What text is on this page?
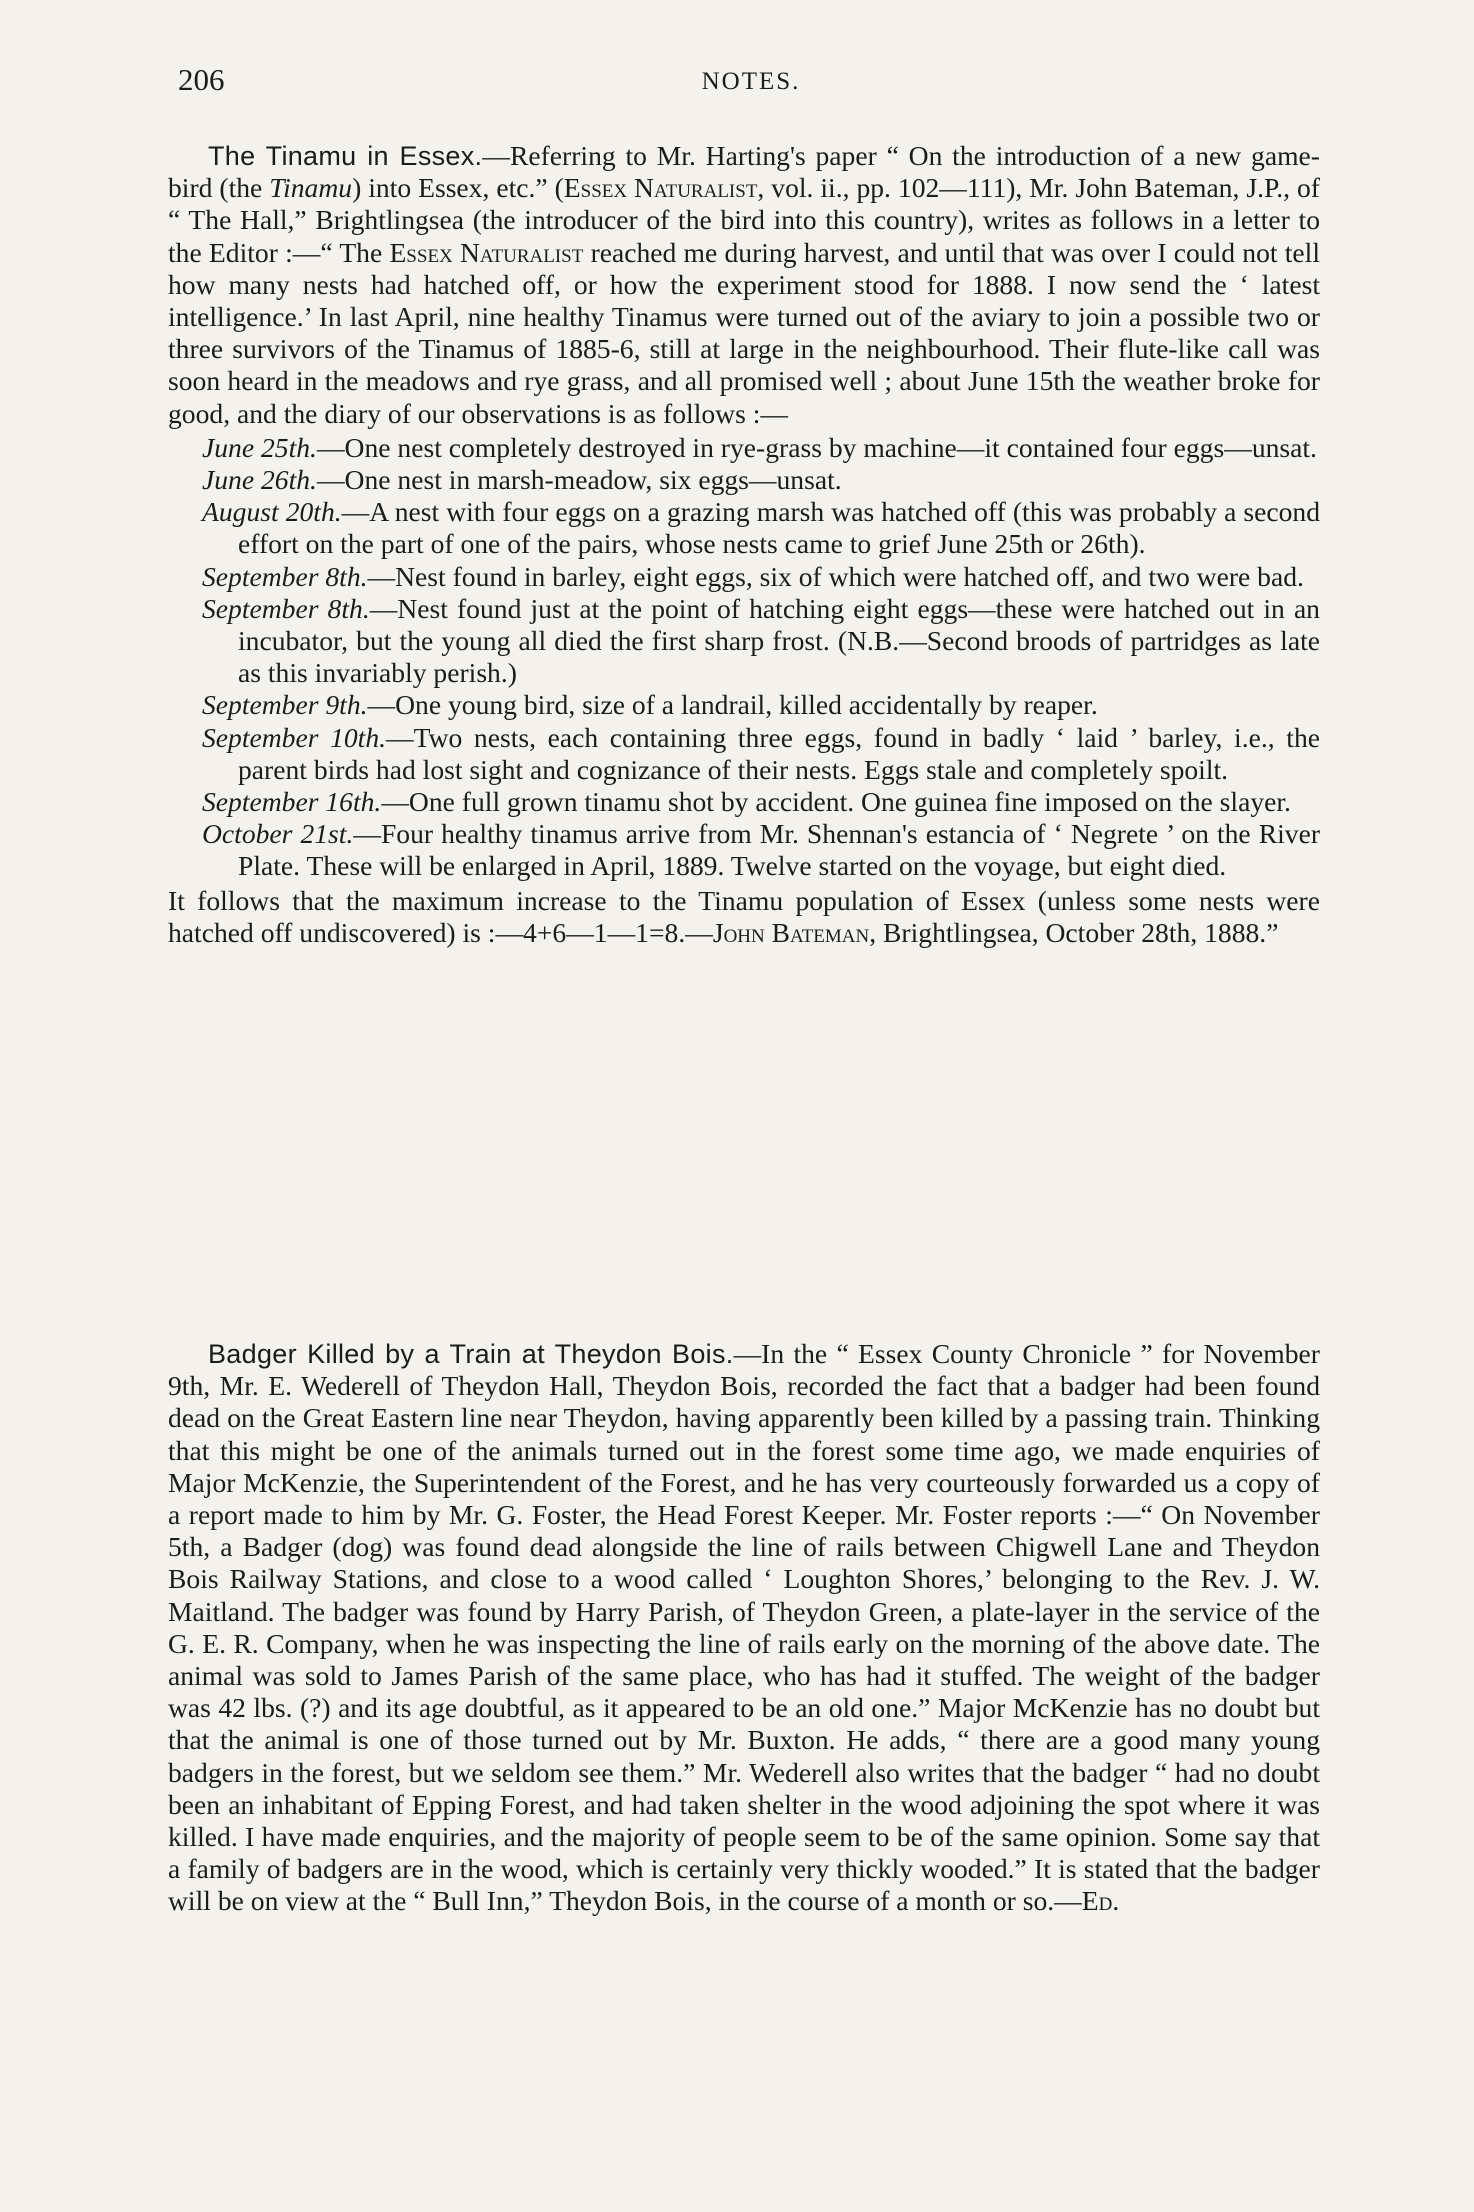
206	NOTES.

The Tinamu in Essex.—Referring to Mr. Harting's paper “ On the introduction of a new game-bird (the Tinamu) into Essex, etc.” (Essex Naturalist, vol. ii., pp. 102—111), Mr. John Bateman, J.P., of “ The Hall,” Brightlingsea (the introducer of the bird into this country), writes as follows in a letter to the Editor :—“ The Essex Naturalist reached me during harvest, and until that was over I could not tell how many nests had hatched off, or how the experiment stood for 1888. I now send the ‘ latest intelligence.’ In last April, nine healthy Tinamus were turned out of the aviary to join a possible two or three survivors of the Tinamus of 1885-6, still at large in the neighbourhood. Their flute-like call was soon heard in the meadows and rye grass, and all promised well ; about June 15th the weather broke for good, and the diary of our observations is as follows :—

June 25th.—One nest completely destroyed in rye-grass by machine—it contained four eggs—unsat.
June 26th.—One nest in marsh-meadow, six eggs—unsat.
August 20th.—A nest with four eggs on a grazing marsh was hatched off (this was probably a second effort on the part of one of the pairs, whose nests came to grief June 25th or 26th).
September 8th.—Nest found in barley, eight eggs, six of which were hatched off, and two were bad.
September 8th.—Nest found just at the point of hatching eight eggs—these were hatched out in an incubator, but the young all died the first sharp frost. (N.B.—Second broods of partridges as late as this invariably perish.)
September 9th.—One young bird, size of a landrail, killed accidentally by reaper.
September 10th.—Two nests, each containing three eggs, found in badly ‘ laid ’ barley, i.e., the parent birds had lost sight and cognizance of their nests. Eggs stale and completely spoilt.
September 16th.—One full grown tinamu shot by accident. One guinea fine imposed on the slayer.
October 21st.—Four healthy tinamus arrive from Mr. Shennan's estancia of ‘ Negrete ’ on the River Plate. These will be enlarged in April, 1889. Twelve started on the voyage, but eight died.

It follows that the maximum increase to the Tinamu population of Essex (unless some nests were hatched off undiscovered) is :—4+6—1—1=8.—John Bateman, Brightlingsea, October 28th, 1888.”

Badger Killed by a Train at Theydon Bois.—In the “ Essex County Chronicle ” for November 9th, Mr. E. Wederell of Theydon Hall, Theydon Bois, recorded the fact that a badger had been found dead on the Great Eastern line near Theydon, having apparently been killed by a passing train. Thinking that this might be one of the animals turned out in the forest some time ago, we made enquiries of Major McKenzie, the Superintendent of the Forest, and he has very courteously forwarded us a copy of a report made to him by Mr. G. Foster, the Head Forest Keeper. Mr. Foster reports :—“ On November 5th, a Badger (dog) was found dead alongside the line of rails between Chigwell Lane and Theydon Bois Railway Stations, and close to a wood called ‘ Loughton Shores,’ belonging to the Rev. J. W. Maitland. The badger was found by Harry Parish, of Theydon Green, a plate-layer in the service of the G. E. R. Company, when he was inspecting the line of rails early on the morning of the above date. The animal was sold to James Parish of the same place, who has had it stuffed. The weight of the badger was 42 lbs. (?) and its age doubtful, as it appeared to be an old one.” Major McKenzie has no doubt but that the animal is one of those turned out by Mr. Buxton. He adds, “ there are a good many young badgers in the forest, but we seldom see them.” Mr. Wederell also writes that the badger “ had no doubt been an inhabitant of Epping Forest, and had taken shelter in the wood adjoining the spot where it was killed. I have made enquiries, and the majority of people seem to be of the same opinion. Some say that a family of badgers are in the wood, which is certainly very thickly wooded.” It is stated that the badger will be on view at the “ Bull Inn,” Theydon Bois, in the course of a month or so.—Ed.
